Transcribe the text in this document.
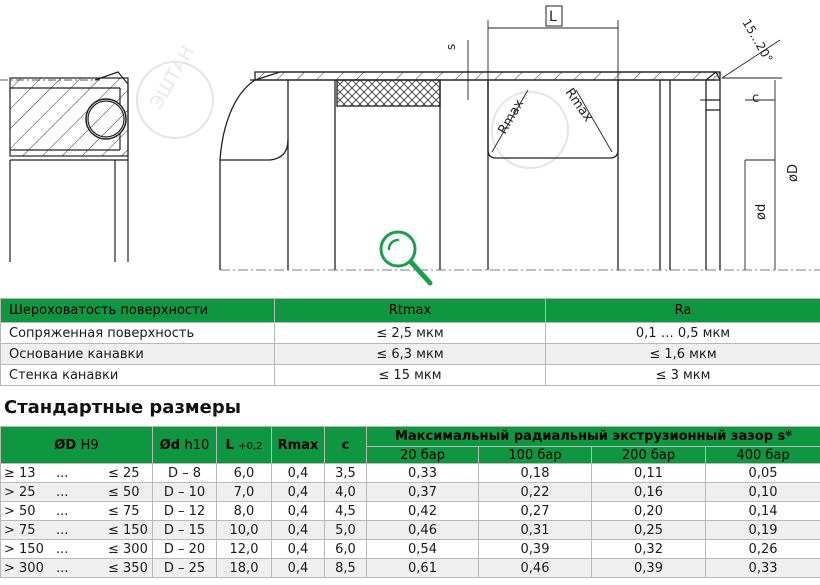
ЭШТАН
L
s	15...20°
c
Rmax	Rmax
øD
ød
Шероховатость поверхности	Rtmax	Ra
Сопряженная поверхность	≤ 2,5 мкм	0,1 … 0,5 мкм
Основание канавки	≤ 6,3 мкм	≤ 1,6 мкм
Стенка канавки	≤ 15 мкм	≤ 3 мкм
Стандартные размеры
ØD H9	Ød h10	L +0,2	Rmax	c	Максимальный радиальный экструзионный зазор s*			
					20 бар	100 бар	200 бар	400 бар

≥ 13 ... ≤ 25	D – 8	6,0	0,4	3,5	0,33	0,18	0,11	0,05

> 25 ... ≤ 50	D – 10	7,0	0,4	4,0	0,37	0,22	0,16	0,10

> 50 ... ≤ 75	D – 12	8,0	0,4	4,5	0,42	0,27	0,20	0,14

> 75 ... ≤ 150	D – 15	10,0	0,4	5,0	0,46	0,31	0,25	0,19

> 150 ... ≤ 300	D – 20	12,0	0,4	6,0	0,54	0,39	0,32	0,26

> 300 ... ≤ 350	D – 25	18,0	0,4	8,5	0,61	0,46	0,39	0,33
